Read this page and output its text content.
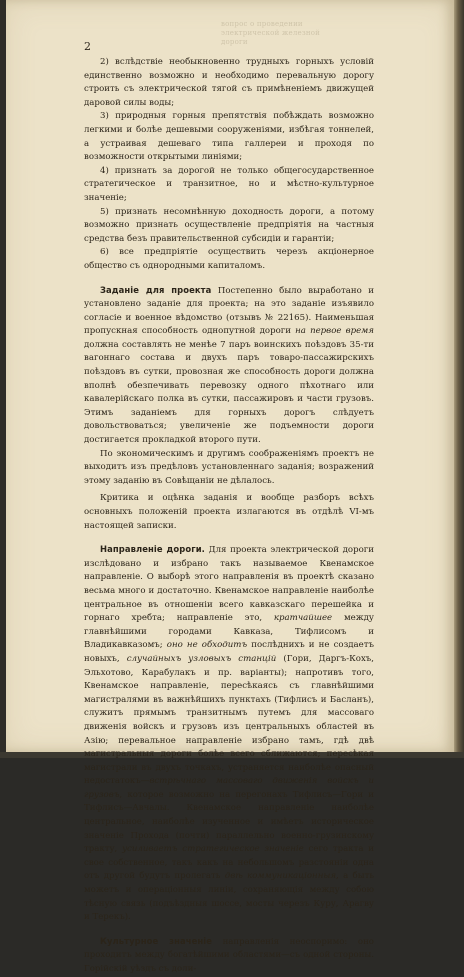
вопрос о проведении электрической железной дороги
2

2) вслѣдствіе необыкновенно трудныхъ горныхъ условій единственно возможно и необходимо перевальную дорогу строить съ электрической тягой съ примѣненіемъ движущей даровой силы воды;

3) природныя горныя препятствія побѣждать возможно легкими и болѣе дешевыми сооруженіями, избѣгая тоннелей, а устраивая дешеваго типа галлереи и проходя по возможности открытыми линіями;

4) признать за дорогой не только общегосударственное стратегическое и транзитное, но и мѣстно-культурное значеніе;

5) признать несомнѣнную доходность дороги, а потому возможно признать осуществленіе предпріятія на частныя средства безъ правительственной субсидіи и гарантіи;

6) все предпріятіе осуществить черезъ акціонерное общество съ однородными капиталомъ.

Заданіе для проекта Постепенно было выработано и установлено заданіе для проекта; на это заданіе изъявило согласіе и военное вѣдомство (отзывъ № 22165). Наименьшая пропускная способность однопутной дороги на первое время должна составлять не менѣе 7 паръ воинскихъ поѣздовъ 35-ти вагоннаго состава и двухъ паръ товаро-пассажирскихъ поѣздовъ въ сутки, провозная же способность дороги должна вполнѣ обезпечивать перевозку одного пѣхотнаго или кавалерійскаго полка въ сутки, пассажировъ и части грузовъ. Этимъ заданіемъ для горныхъ дорогъ слѣдуетъ довольствоваться; увеличеніе же подъемности дороги достигается прокладкой второго пути.

По экономическимъ и другимъ соображеніямъ проектъ не выходитъ изъ предѣловъ установленнаго заданія; возражений этому заданію въ Совѣщаніи не дѣлалось.

Критика и оцѣнка заданія и вообще разборъ всѣхъ основныхъ положеній проекта излагаются въ отдѣлѣ VI-мъ настоящей записки.

Направленіе дороги. Для проекта электрической дороги изслѣдовано и избрано такъ называемое Квенамское направленіе. О выборѣ этого направленія въ проектѣ сказано весьма много и достаточно. Квенамское направленіе наиболѣе центральное въ отношеніи всего кавказскаго перешейка и горнаго хребта; направленіе это, кратчайшее между главнѣйшими городами Кавказа, Тифлисомъ и Владикавказомъ; оно не обходитъ послѣднихъ и не создаетъ новыхъ, случайныхъ узловыхъ станцій (Гори, Даргъ-Кохъ, Эльхотово, Карабулакъ и пр. варіанты); напротивъ того, Квенамское направленіе, пересѣкаясь съ главнѣйшими магистралями въ важнѣйшихъ пунктахъ (Тифлисъ и Басланъ), служитъ прямымъ транзитнымъ путемъ для массоваго движенія войскъ и грузовъ изъ центральныхъ областей въ Азію; перевальное направленіе избрано тамъ, гдѣ двѣ магистральныя дороги болѣе всего сближаются; пересѣкая магистрали въ двухъ точкахъ, устраняется наиболѣе опасный недостатокъ—встрѣчнаго массоваго движенія войскъ и грузовъ, которое возможно на перегонахъ Тифлисъ—Гори и Тифлисъ—Авчалы. Квенамское направленіе наиболѣе центральное, наиболѣе изученное и имѣетъ историческое значеніе Прохода (почти) параллельно военно-грузинскому тракту, усиливаетъ стратегическое значеніе сего тракта и свое собственное, такъ какъ на небольшомъ разстояніи одна отъ другой будутъ пролегать двѣ коммуникаціонныя, а быть можетъ и операціонныя линіи, сохраняющія между собою тѣсную связь (подъѣздныя шоссе, мосты черезъ Куру, Арагву и Терекъ).

Культурное значеніе направленія неоспоримо: оно проходитъ между богатѣйшими областями—съ одной стороны. Горійскій уѣздъ съ доли-
